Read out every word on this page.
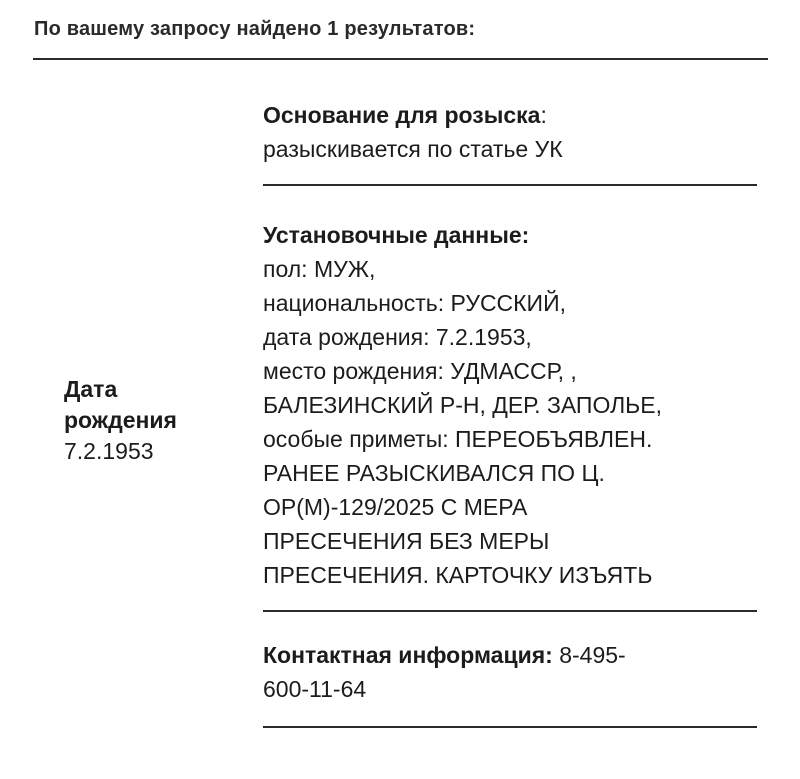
По вашему запросу найдено 1 результатов:
Дата
рождения
7.2.1953
Основание для розыска:
разыскивается по статье УК
Установочные данные:
пол: МУЖ,
национальность: РУССКИЙ,
дата рождения: 7.2.1953,
место рождения: УДМАССР, ,
БАЛЕЗИНСКИЙ Р-Н, ДЕР. ЗАПОЛЬЕ,
особые приметы: ПЕРЕОБЪЯВЛЕН.
РАНЕЕ РАЗЫСКИВАЛСЯ ПО Ц.
ОР(М)-129/2025 С МЕРА
ПРЕСЕЧЕНИЯ БЕЗ МЕРЫ
ПРЕСЕЧЕНИЯ. КАРТОЧКУ ИЗЪЯТЬ
Контактная информация: 8-495-
600-11-64
